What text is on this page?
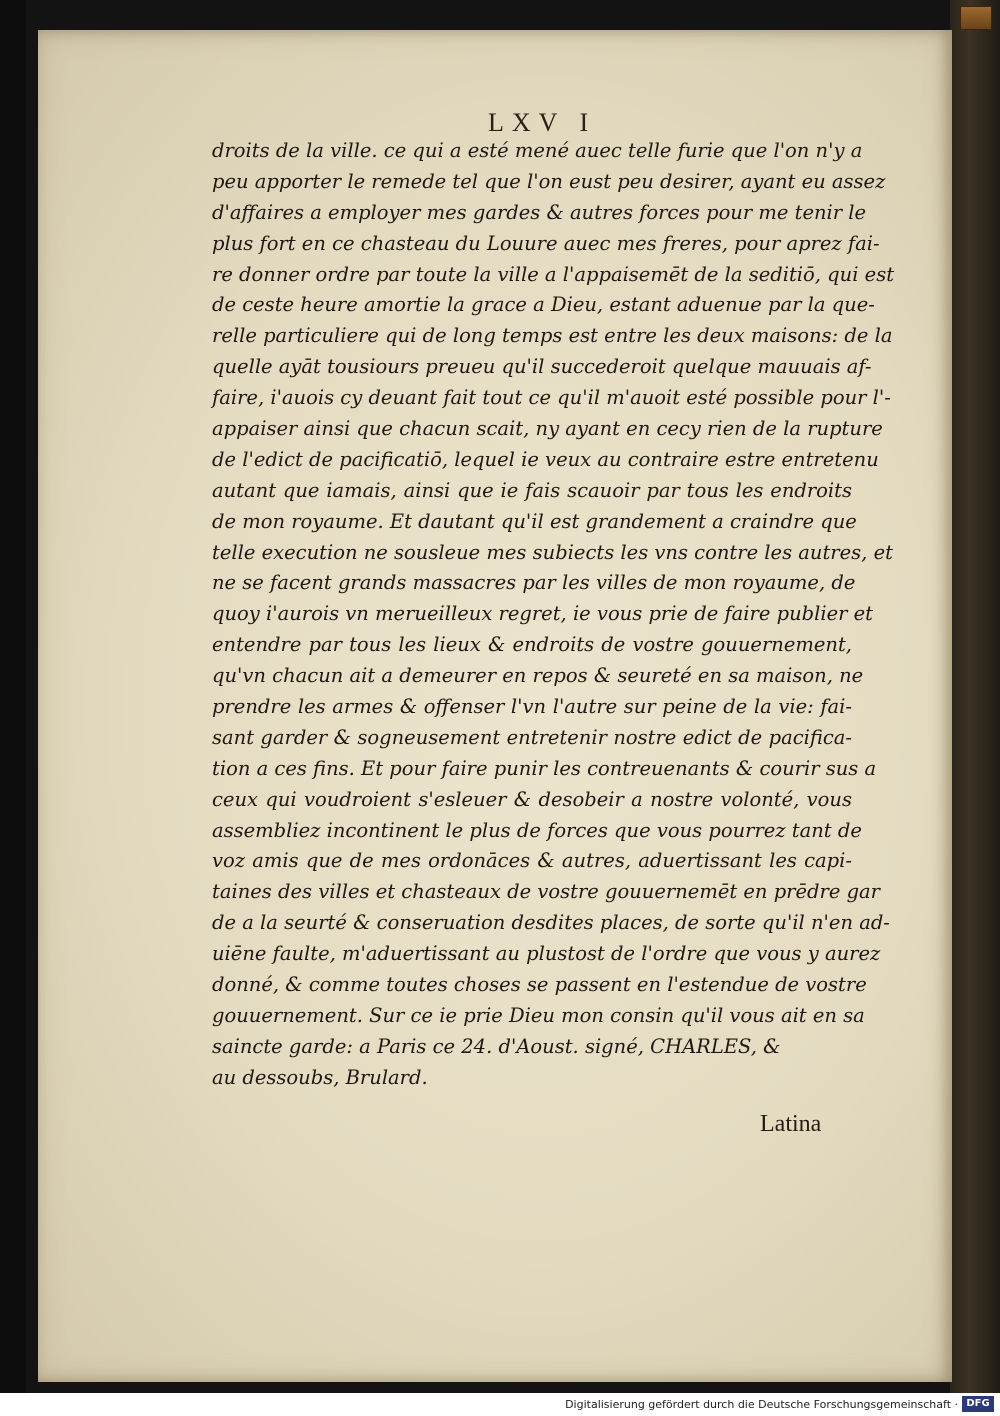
LXV I

droits de la ville. ce qui a esté mené auec telle furie que l'on n'y a
peu apporter le remede tel que l'on eust peu desirer, ayant eu assez
d'affaires a employer mes gardes & autres forces pour me tenir le
plus fort en ce chasteau du Louure auec mes freres, pour aprez fai-
re donner ordre par toute la ville a l'appaisemēt de la seditiō, qui est
de ceste heure amortie la grace a Dieu, estant aduenue par la que-
relle particuliere qui de long temps est entre les deux maisons: de la
quelle ayāt tousiours preueu qu'il succederoit quelque mauuais af-
faire, i'auois cy deuant fait tout ce qu'il m'auoit esté possible pour l'-
appaiser ainsi que chacun scait, ny ayant en cecy rien de la rupture
de l'edict de pacificatiō, lequel ie veux au contraire estre entretenu
autant que iamais, ainsi que ie fais scauoir par tous les endroits
de mon royaume. Et dautant qu'il est grandement a craindre que
telle execution ne sousleue mes subiects les vns contre les autres, et
ne se facent grands massacres par les villes de mon royaume, de
quoy i'aurois vn merueilleux regret, ie vous prie de faire publier et
entendre par tous les lieux & endroits de vostre gouuernement,
qu'vn chacun ait a demeurer en repos & seureté en sa maison, ne
prendre les armes & offenser l'vn l'autre sur peine de la vie: fai-
sant garder & sogneusement entretenir nostre edict de pacifica-
tion a ces fins. Et pour faire punir les contreuenants & courir sus a
ceux qui voudroient s'esleuer & desobeir a nostre volonté, vous
assembliez incontinent le plus de forces que vous pourrez tant de
voz amis que de mes ordonāces & autres, aduertissant les capi-
taines des villes et chasteaux de vostre gouuernemēt en prēdre gar
de a la seurté & conseruation desdites places, de sorte qu'il n'en ad-
uiēne faulte, m'aduertissant au plustost de l'ordre que vous y aurez
donné, & comme toutes choses se passent en l'estendue de vostre
gouuernement. Sur ce ie prie Dieu mon consin qu'il vous ait en sa
saincte garde: a Paris ce 24. d'Aoust. signé, CHARLES, &
au dessoubs, Brulard.

Latina

Digitalisierung gefördert durch die Deutsche Forschungsgemeinschaft · DFG
